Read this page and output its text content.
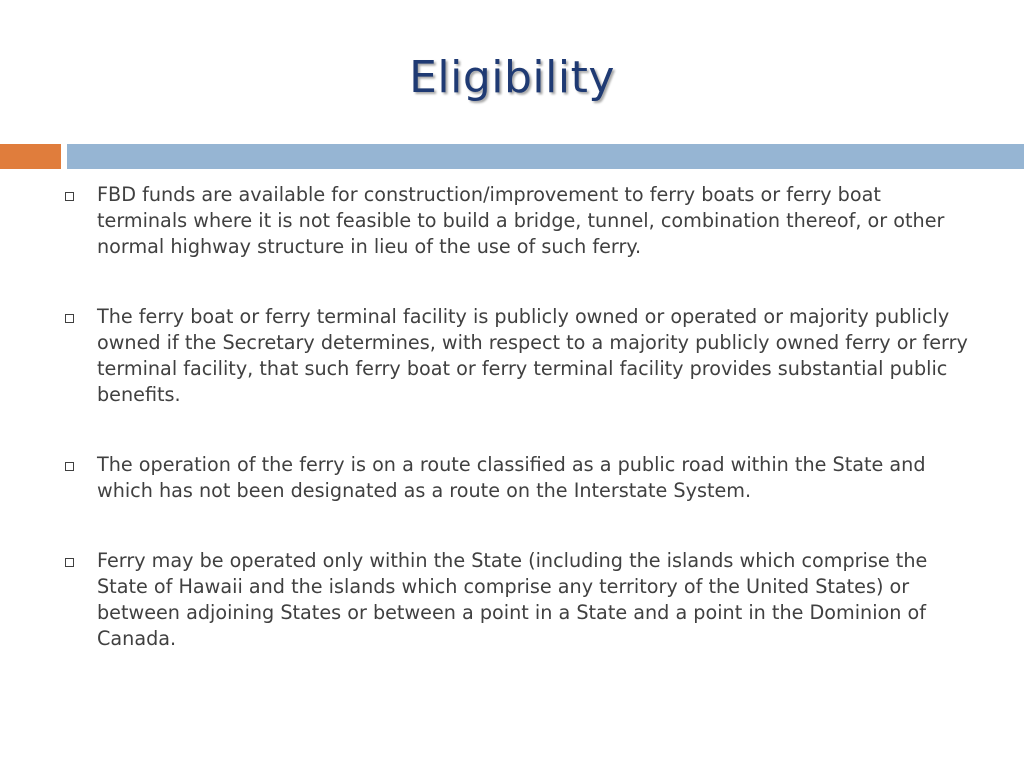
Eligibility
FBD funds are available for construction/improvement to ferry boats or ferry boat terminals where it is not feasible to build a bridge, tunnel, combination thereof, or other normal highway structure in lieu of the use of such ferry.
The ferry boat or ferry terminal facility is publicly owned or operated or majority publicly owned if the Secretary determines, with respect to a majority publicly owned ferry or ferry terminal facility, that such ferry boat or ferry terminal facility provides substantial public benefits.
The operation of the ferry is on a route classified as a public road within the State and which has not been designated as a route on the Interstate System.
Ferry may be operated only within the State (including the islands which comprise the State of Hawaii and the islands which comprise any territory of the United States) or between adjoining States or between a point in a State and a point in the Dominion of Canada.
